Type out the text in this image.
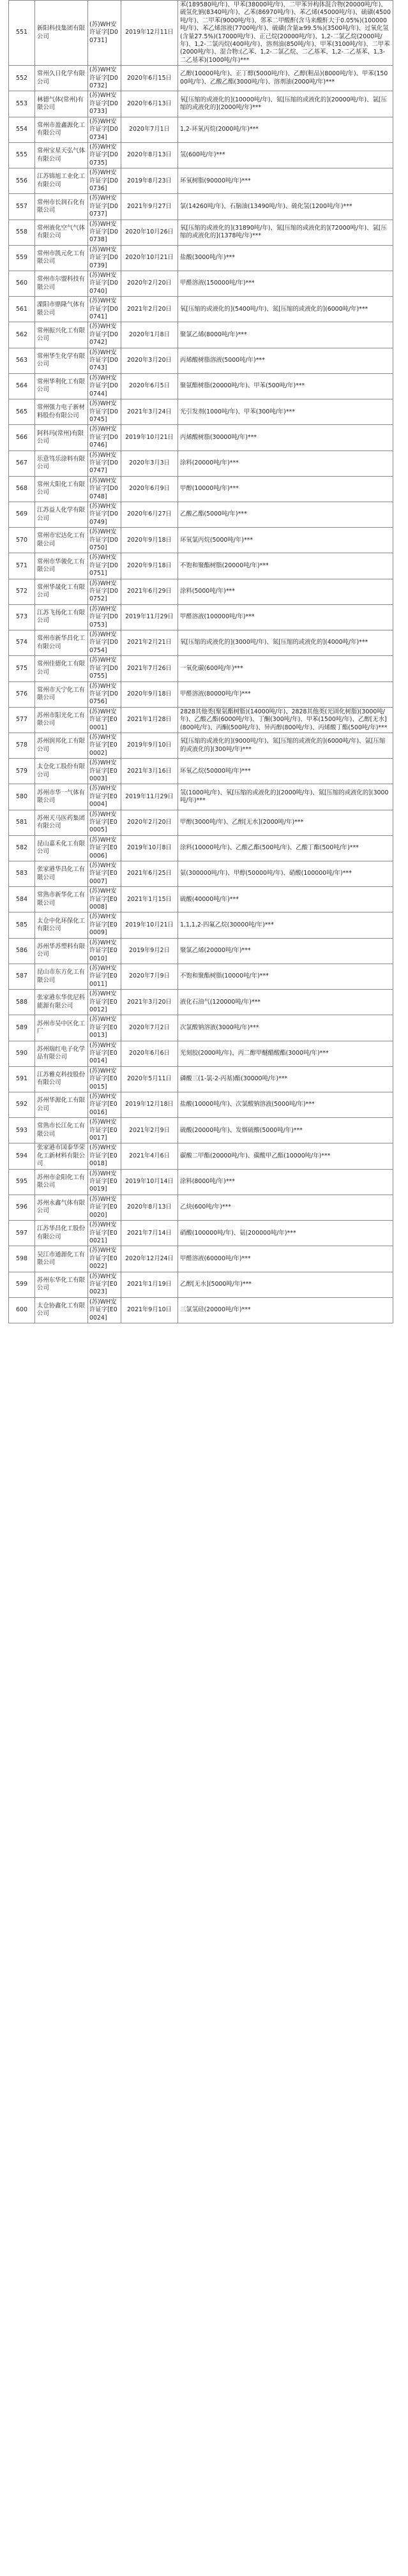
551	新阳科技集团有限公司	(苏)WH安许证字[D00731]	2019年12月11日	苯(189580吨/年)、甲苯(38000吨/年)、二甲苯异构体混合物(20000吨/年)、硫氢化钠(8340吨/年)、乙苯(86970吨/年)、苯乙烯(45000吨/年)、硫磺(4500吨/年)、二甲苯(9000吨/年)、邻苯二甲酸酐(含马来酸酐大于0.05%)(100000吨/年)、苯乙烯溶液(7700吨/年)、硫磺(含量≥99.5%)(3500吨/年)、过氧化氢(含量27.5%)(17000吨/年)、正己烷(20000吨/年)、1,2-二氯乙烷(2000吨/年)、1,2-二氯丙烷(400吨/年)、溶剂油(850吨/年)、甲苯(3100吨/年)、二甲苯(2000吨/年)、混合物:(乙苯、1,2-二氯乙烷、二乙基苯、1,2-二乙基苯、1,3-二乙基苯)(1000吨/年)***

552	常州久日化学有限公司	(苏)WH安许证字[D00732]	2020年6月15日	乙醇(10000吨/年)、正丁醇(5000吨/年)、乙醇(粗品)(8000吨/年)、甲苯(15000吨/年)、乙酸乙酯(3000吨/年)、溶剂油(2000吨/年)***

553	林德气体(常州)有限公司	(苏)WH安许证字[D00733]	2020年6月13日	氧[压缩的或液化的](10000吨/年)、氮[压缩的或液化的](20000吨/年)、氩[压缩的或液化的](2000吨/年)***

554	常州市盈鑫源化工有限公司	(苏)WH安许证字[D00734]	2020年7月1日	1,2-环氧丙烷(2000吨/年)***

555	常州宝星天弘气体有限公司	(苏)WH安许证字[D00735]	2020年8月13日	氢(600吨/年)***

556	江苏锦旭工业化工有限公司	(苏)WH安许证字[D00736]	2019年8月23日	环氧树脂(90000吨/年)***

557	常州市长润石化有限公司	(苏)WH安许证字[D00737]	2021年9月27日	氯(14260吨/年)、石脑油(13490吨/年)、硫化氢(1200吨/年)***

558	常州液化空气气体有限公司	(苏)WH安许证字[D00738]	2020年10月26日	氧[压缩的或液化的](31890吨/年)、氮[压缩的或液化的](72000吨/年)、氩[压缩的或液化的](1378吨/年)***

559	常州市凯元化工有限公司	(苏)WH安许证字[D00739]	2020年10月21日	盐酸(3000吨/年)***

560	常州市尔盟科技有限公司	(苏)WH安许证字[D00740]	2020年2月20日	甲醛溶液(150000吨/年)***

561	溧阳市鼎隆气体有限公司	(苏)WH安许证字[D00741]	2021年2月20日	氧[压缩的或液化的](5400吨/年)、氮[压缩的或液化的](6000吨/年)***

562	常州振兴化工有限公司	(苏)WH安许证字[D00742]	2020年1月8日	聚氯乙烯(8000吨/年)***

563	常州华生化学有限公司	(苏)WH安许证字[D00743]	2020年3月20日	丙烯酸树脂溶液(5000吨/年)***

564	常州华利化工有限公司	(苏)WH安许证字[D00744]	2020年6月5日	聚氨酯树脂(20000吨/年)、甲苯(500吨/年)***

565	常州强力电子新材料股份有限公司	(苏)WH安许证字[D00745]	2021年3月24日	光引发剂(1000吨/年)、甲苯(300吨/年)***

566	阿科玛(常州)有限公司	(苏)WH安许证字[D00746]	2019年10月21日	丙烯酸树脂(30000吨/年)***

567	乐意笃乐涂料有限公司	(苏)WH安许证字[D00747]	2020年3月3日	涂料(20000吨/年)***

568	常州大阳化工有限公司	(苏)WH安许证字[D00748]	2020年6月9日	甲醇(10000吨/年)***

569	江苏益人化学有限公司	(苏)WH安许证字[D00749]	2020年6月27日	乙酸乙酯(5000吨/年)***

570	常州市宏达化工有限公司	(苏)WH安许证字[D00750]	2020年9月18日	环氧氯丙烷(5000吨/年)***

571	常州市华骏化工有限公司	(苏)WH安许证字[D00751]	2020年9月18日	不饱和聚酯树脂(20000吨/年)***

572	常州华晟化工有限公司	(苏)WH安许证字[D00752]	2021年6月29日	涂料(5000吨/年)***

573	江苏飞扬化工有限公司	(苏)WH安许证字[D00753]	2019年11月29日	甲醛溶液(100000吨/年)***

574	常州市新华昌化工有限公司	(苏)WH安许证字[D00754]	2021年2月21日	氧[压缩的或液化的](3000吨/年)、氮[压缩的或液化的](4000吨/年)***

575	常州佳德化工有限公司	(苏)WH安许证字[D00755]	2021年7月26日	一氧化碳(600吨/年)***

576	常州市天宁化工有限公司	(苏)WH安许证字[D00756]	2020年9月18日	甲醛溶液(80000吨/年)***

577	苏州市阳光化工有限公司	(苏)WH安许证字[E00001]	2021年1月28日	2828其他类(聚氨酯树脂)(14000吨/年)、2828其他类(光固化树脂)(3000吨/年)、乙酸乙酯(6000吨/年)、丁酮(300吨/年)、甲苯(1500吨/年)、乙醇[无水](800吨/年)、丙酮(500吨/年)、异丙醇(800吨/年)、丙烯酸丁酯(500吨/年)***

578	苏州润邦化工有限公司	(苏)WH安许证字[E00002]	2019年9月10日	氧[压缩的或液化的](9000吨/年)、氮[压缩的或液化的](6000吨/年)、氩[压缩的或液化的](300吨/年)***

579	太仓化工股份有限公司	(苏)WH安许证字[E00003]	2021年3月16日	环氧乙烷(50000吨/年)***

580	苏州市华一气体有限公司	(苏)WH安许证字[E00004]	2019年11月29日	氢(1000吨/年)、氧[压缩的或液化的](2000吨/年)、氮[压缩的或液化的](3000吨/年)***

581	苏州天马医药集团有限公司	(苏)WH安许证字[E00005]	2020年2月20日	甲醇(3000吨/年)、乙醇[无水](2000吨/年)***

582	昆山嘉禾化工有限公司	(苏)WH安许证字[E00006]	2019年10月8日	涂料(10000吨/年)、乙酸乙酯(500吨/年)、乙酸丁酯(500吨/年)***

583	张家港华昌化工有限公司	(苏)WH安许证字[E00007]	2021年6月25日	氨(300000吨/年)、甲醇(50000吨/年)、硝酸(100000吨/年)***

584	常熟市新华化工有限公司	(苏)WH安许证字[E00008]	2021年1月15日	硫酸(40000吨/年)***

585	太仓中化环保化工有限公司	(苏)WH安许证字[E00009]	2019年10月21日	1,1,1,2-四氟乙烷(30000吨/年)***

586	苏州华苏塑料有限公司	(苏)WH安许证字[E00010]	2019年9月2日	聚氯乙烯(20000吨/年)***

587	昆山市东方化工有限公司	(苏)WH安许证字[E00011]	2020年7月9日	不饱和聚酯树脂(10000吨/年)***

588	张家港东华优尼科能源有限公司	(苏)WH安许证字[E00012]	2021年3月20日	液化石油气(120000吨/年)***

589	苏州市吴中区化工厂	(苏)WH安许证字[E00013]	2020年7月2日	次氯酸钠溶液(3000吨/年)***

590	苏州瑞红电子化学品有限公司	(苏)WH安许证字[E00014]	2020年6月6日	光刻胶(2000吨/年)、丙二醇甲醚醋酸酯(3000吨/年)***

591	江苏雅克科技股份有限公司	(苏)WH安许证字[E00015]	2020年5月11日	磷酸三(1-氯-2-丙基)酯(30000吨/年)***

592	苏州华源化工有限公司	(苏)WH安许证字[E00016]	2019年12月18日	盐酸(10000吨/年)、次氯酸钠溶液(5000吨/年)***

593	常熟市长江化工有限公司	(苏)WH安许证字[E00017]	2021年2月9日	硫酸(20000吨/年)、发烟硫酸(5000吨/年)***

594	张家港市国泰华荣化工新材料有限公司	(苏)WH安许证字[E00018]	2021年4月6日	碳酸二甲酯(20000吨/年)、碳酸甲乙酯(10000吨/年)***

595	苏州市金阳化工有限公司	(苏)WH安许证字[E00019]	2019年10月14日	涂料(8000吨/年)***

596	苏州永鑫气体有限公司	(苏)WH安许证字[E00020]	2020年8月13日	乙炔(600吨/年)***

597	江苏华昌化工股份有限公司	(苏)WH安许证字[E00021]	2021年7月14日	硝酸(100000吨/年)、氨(200000吨/年)***

598	吴江市通源化工有限公司	(苏)WH安许证字[E00022]	2020年12月24日	甲醛溶液(60000吨/年)***

599	苏州东华化工有限公司	(苏)WH安许证字[E00023]	2021年1月19日	乙醇[无水](5000吨/年)***

600	太仓协鑫化工有限公司	(苏)WH安许证字[E00024]	2021年9月10日	三氯氢硅(20000吨/年)***
